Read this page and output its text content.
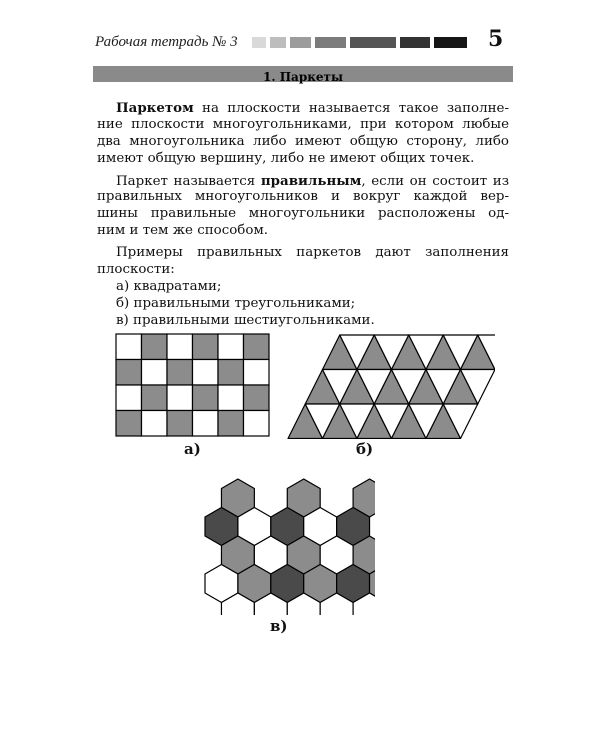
Рабочая тетрадь № 3	5
1. Паркеты
Паркетом на плоскости называется такое заполне-
ние плоскости многоугольниками, при котором любые
два многоугольника либо имеют общую сторону, либо
имеют общую вершину, либо не имеют общих точек.
Паркет называется правильным, если он состоит из
правильных многоугольников и вокруг каждой вер-
шины правильные многоугольники расположены од-
ним и тем же способом.
Примеры правильных паркетов дают заполнения
плоскости:
а) квадратами;
б) правильными треугольниками;
в) правильными шестиугольниками.
а)	б)
в)
